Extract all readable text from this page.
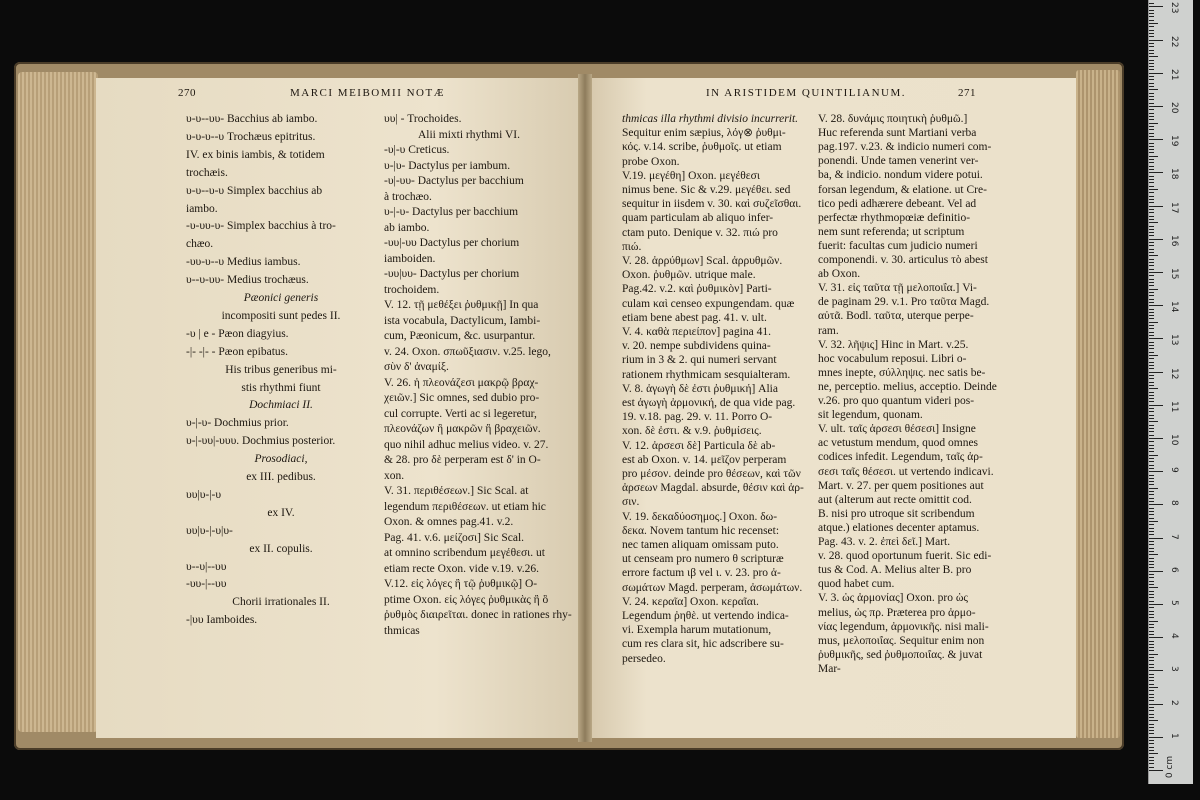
270	MARCI MEIBOMII NOTÆ	IN ARISTIDEM QUINTILIANUM.	271
υ-υ--υυ- Bacchius ab iambo.
υ-υ-υ--υ Trochæus epitritus.
IV. ex binis iambis, & totidem
trochæis.
υ-υ--υ-υ Simplex bacchius ab
iambo.
-υ-υυ-υ- Simplex bacchius à tro-
chæo.
-υυ-υ--υ Medius iambus.
υ--υ-υυ- Medius trochæus.
Pæonici generis
incompositi sunt pedes II.
-υ | e - Pæon diagyius.
-|- -|- - Pæon epibatus.
His tribus generibus mi-
stis rhythmi fiunt
Dochmiaci II.
υ-|-υ- Dochmius prior.
υ-|-υυ|-υυυ. Dochmius posterior.
Prosodiaci,
ex III. pedibus.
υυ|υ-|-υ
ex IV.
υυ|υ-|-υ|υ-
ex II. copulis.
υ--υ|--υυ
-υυ-|--υυ
Chorii irrationales II.
-|υυ Iamboides.
υυ| - Trochoides.
Alii mixti rhythmi VI.
-υ|-υ Creticus.
υ-|υ- Dactylus per iambum.
-υ|-υυ- Dactylus per bacchium
à trochæo.
υ-|-υ- Dactylus per bacchium
ab iambo.
-υυ|-υυ Dactylus per chorium
iamboiden.
-υυ|υυ- Dactylus per chorium
trochoidem.
V. 12. τῇ μεθέξει ῥυθμικῇ] In qua
ista vocabula, Dactylicum, Iambi-
cum, Pæonicum, &c. usurpantur.
v. 24. Oxon. σπωῦξιασιν. v.25. lego,
σὺν δ' ἀναμίξ.
V. 26. ἡ πλεονάζεσι μακρῷ βραχ-
χειῶν.] Sic omnes, sed dubio pro-
cul corrupte. Verti ac si legeretur,
πλεονάζων ἢ μακρῶν ἢ βραχειῶν.
quo nihil adhuc melius video. v. 27.
& 28. pro δὲ perperam est δ' in O-
xon.
V. 31. περιθέσεων.] Sic Scal. at
legendum περιθέσεων. ut etiam hic
Oxon. & omnes pag.41. v.2.
Pag. 41. v.6. μείζοσι] Sic Scal.
at omnino scribendum μεγέθεσι. ut
etiam recte Oxon. vide v.19. v.26.
V.12. εἰς λόγες ἢ τῷ ῥυθμικῷ] O-
ptime Oxon. εἰς λόγες ῥυθμικὰς ἢ ὃ
ῥυθμὸς διαιρεῖται. donec in rationes rhy-
thmicas
thmicas illa rhythmi divisio incurrerit.
Sequitur enim sæpius, λόγ⊗ ῥυθμι-
κός. v.14. scribe, ῥυθμοῖς. ut etiam
probe Oxon.
V.19. μεγέθη] Oxon. μεγέθεσι
nimus bene. Sic & v.29. μεγέθει. sed
sequitur in iisdem v. 30. καὶ συζεῖσθαι.
quam particulam ab aliquo infer-
ctam puto. Denique v. 32. πιώ pro
πιώ.
V. 28. ἀρρύθμων] Scal. ἀρρυθμῶν.
Oxon. ῥυθμῶν. utrique male.
Pag.42. v.2. καὶ ῥυθμικὸν] Parti-
culam καὶ censeo expungendam. quæ
etiam bene abest pag. 41. v. ult.
V. 4. καθὰ περιείπον] pagina 41.
v. 20. nempe subdividens quina-
rium in 3 & 2. qui numeri servant
rationem rhythmicam sesquialteram.
V. 8. ἀγωγὴ δὲ ἐστι ῥυθμική] Alia
est ἀγωγὴ ἁρμονική, de qua vide pag.
19. v.18. pag. 29. v. 11. Porro O-
xon. δὲ ἐστι. & v.9. ῥυθμίσεις.
V. 12. ἀρσεσι δὲ] Particula δὲ ab-
est ab Oxon. v. 14. μεῖζον perperam
pro μέσον. deinde pro θέσεων, καὶ τῶν
ἀρσεων Magdal. absurde, θέσιν καὶ ἀρ-
σιν.
V. 19. δεκαδύοσημος.] Oxon. δω-
δεκα. Novem tantum hic recenset:
nec tamen aliquam omissam puto.
ut censeam pro numero θ scripturæ
errore factum ιβ vel ι. v. 23. pro ἀ-
σωμάτων Magd. perperam, ἀσωμάτων.
V. 24. κεραῖα] Oxon. κεραῖαι.
Legendum ῥηθὲ. ut vertendo indica-
vi. Exempla harum mutationum,
cum res clara sit, hic adscribere su-
persedeo.
V. 28. δυνάμις ποιητικὴ ῥυθμῶ.]
Huc referenda sunt Martiani verba
pag.197. v.23. & indicio numeri com-
ponendi. Unde tamen venerint ver-
ba, & indicio. nondum videre potui.
forsan legendum, & elatione. ut Cre-
tico pedi adhærere debeant. Vel ad
perfectæ rhythmopœiæ definitio-
nem sunt referenda; ut scriptum
fuerit: facultas cum judicio numeri
componendi. v. 30. articulus τὸ abest
ab Oxon.
V. 31. εἰς ταῦτα τῇ μελοποιΐα.] Vi-
de paginam 29. v.1. Pro ταῦτα Magd.
αὐτᾶ. Bodl. ταῦτα, uterque perpe-
ram.
V. 32. λῆψις] Hinc in Mart. v.25.
hoc vocabulum reposui. Libri o-
mnes inepte, σύλληψις. nec satis be-
ne, perceptio. melius, acceptio. Deinde
v.26. pro quo quantum videri pos-
sit legendum, quonam.
V. ult. ταῖς ἀρσεσι θέσεσι] Insigne
ac vetustum mendum, quod omnes
codices infedit. Legendum, ταῖς ἀρ-
σεσι ταῖς θέσεσι. ut vertendo indicavi.
Mart. v. 27. per quem positiones aut
aut (alterum aut recte omittit cod.
B. nisi pro utroque sit scribendum
atque.) elationes decenter aptamus.
Pag. 43. v. 2. ἐπεὶ δεῖ.] Mart.
v. 28. quod oportunum fuerit. Sic edi-
tus & Cod. A. Melius alter B. pro
quod habet cum.
V. 3. ὡς ἁρμονίας] Oxon. pro ὡς
melius, ὡς πρ. Præterea pro ἁρμο-
νίας legendum, ἁρμονικῆς. nisi mali-
mus, μελοποιΐας. Sequitur enim non
ῥυθμικῆς, sed ῥυθμοποιΐας. & juvat
Mar-
0 cm
1
2
3
4
5
6
7
8
9
10
11
12
13
14
15
16
17
18
19
20
21
22
23
